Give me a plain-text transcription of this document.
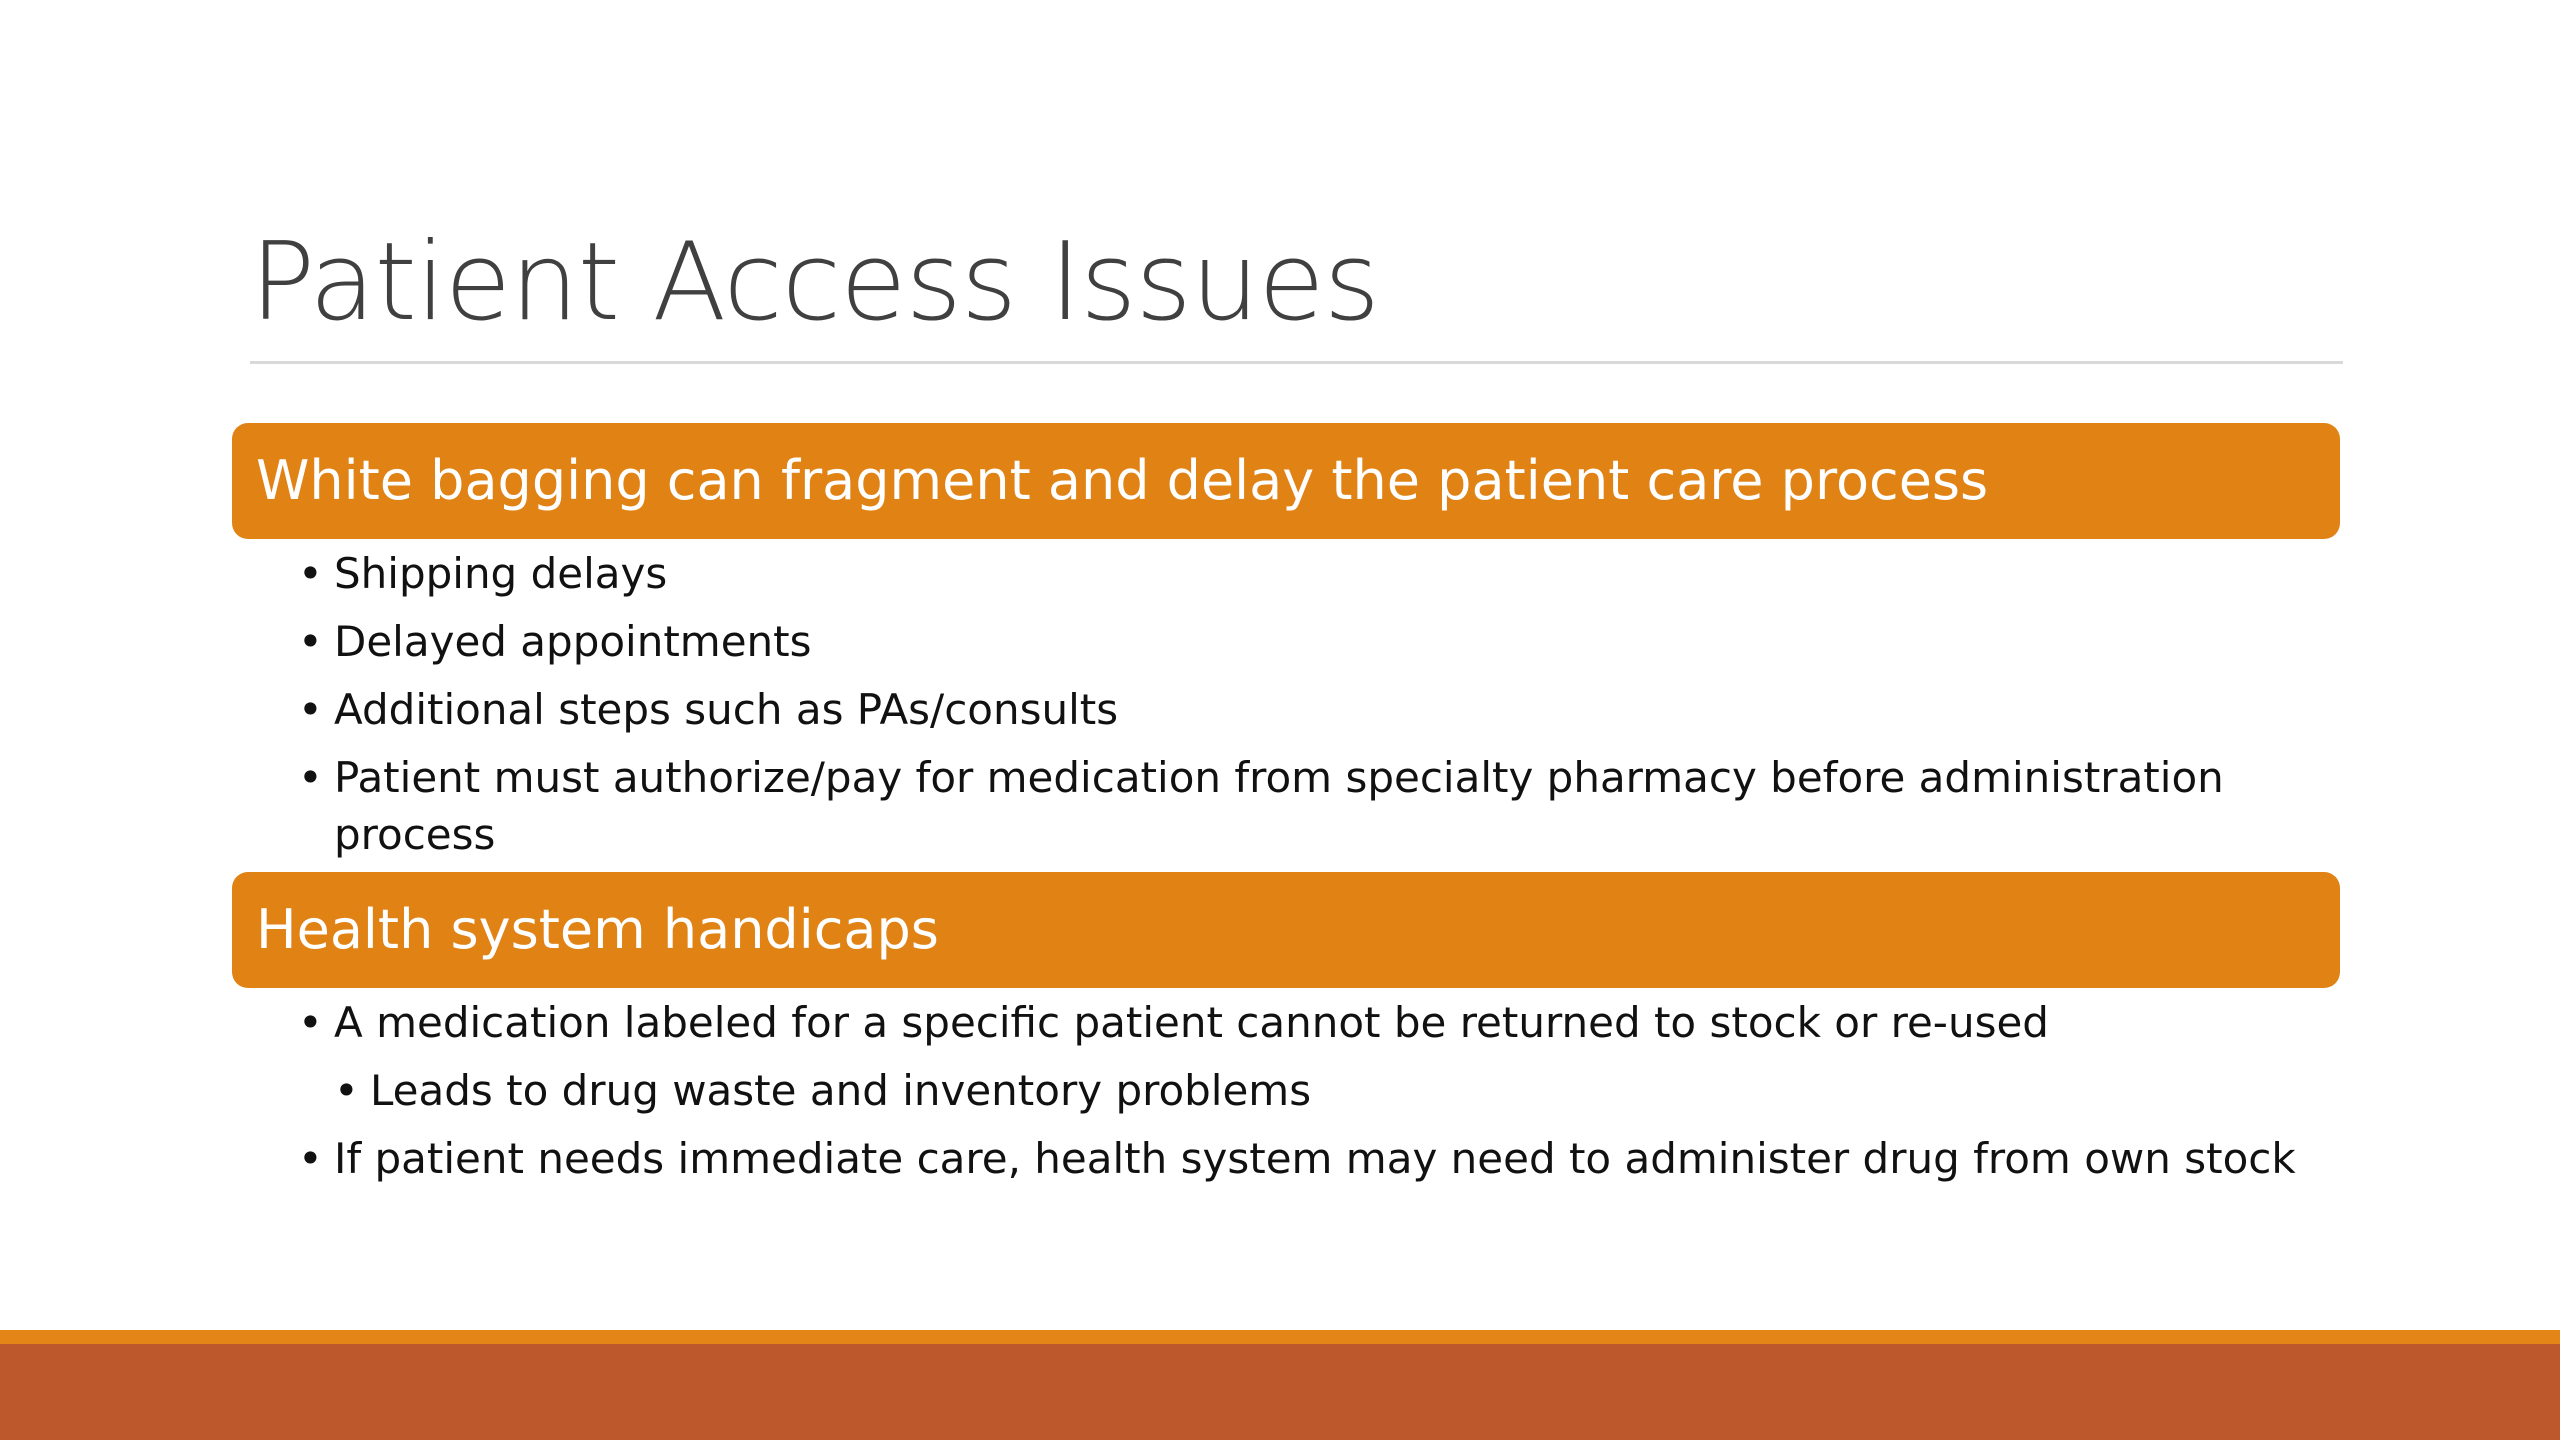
Patient Access Issues
White bagging can fragment and delay the patient care process
• Shipping delays
• Delayed appointments
• Additional steps such as PAs/consults
• Patient must authorize/pay for medication from specialty pharmacy before administration process
Health system handicaps
• A medication labeled for a specific patient cannot be returned to stock or re-used
• Leads to drug waste and inventory problems
• If patient needs immediate care, health system may need to administer drug from own stock
